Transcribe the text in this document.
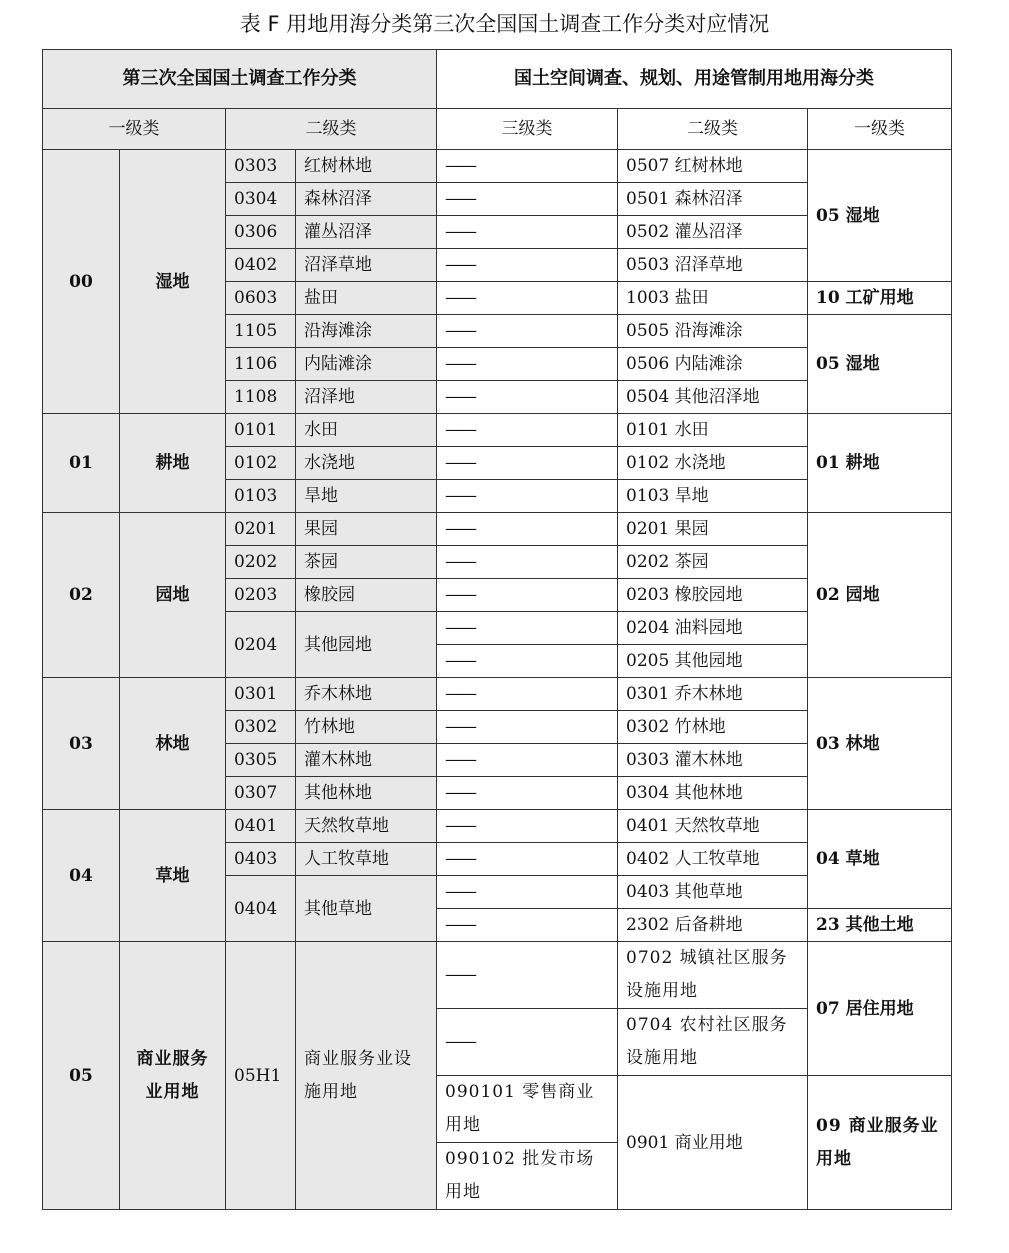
表 F 用地用海分类第三次全国国土调查工作分类对应情况
第三次全国国土调查工作分类				国土空间调查、规划、用途管制用地用海分类		
一级类		二级类		三级类	二级类	一级类
00	湿地	0303	红树林地	——	0507 红树林地	05 湿地
		0304	森林沼泽	——	0501 森林沼泽	
		0306	灌丛沼泽	——	0502 灌丛沼泽	
		0402	沼泽草地	——	0503 沼泽草地	
		0603	盐田	——	1003 盐田	10 工矿用地
		1105	沿海滩涂	——	0505 沿海滩涂	05 湿地
		1106	内陆滩涂	——	0506 内陆滩涂	
		1108	沼泽地	——	0504 其他沼泽地	
01	耕地	0101	水田	——	0101 水田	01 耕地
		0102	水浇地	——	0102 水浇地	
		0103	旱地	——	0103 旱地	
02	园地	0201	果园	——	0201 果园	02 园地
		0202	茶园	——	0202 茶园	
		0203	橡胶园	——	0203 橡胶园地	
		0204	其他园地	——	0204 油料园地	
				——	0205 其他园地	
03	林地	0301	乔木林地	——	0301 乔木林地	03 林地
		0302	竹林地	——	0302 竹林地	
		0305	灌木林地	——	0303 灌木林地	
		0307	其他林地	——	0304 其他林地	
04	草地	0401	天然牧草地	——	0401 天然牧草地	04 草地
		0403	人工牧草地	——	0402 人工牧草地	
		0404	其他草地	——	0403 其他草地	
				——	2302 后备耕地	23 其他土地
05	商业服务业用地	05H1	商业服务业设施用地	——	0702 城镇社区服务设施用地	07 居住用地
				——	0704 农村社区服务设施用地	
				090101 零售商业用地	0901 商业用地	09 商业服务业用地
				090102 批发市场用地		
